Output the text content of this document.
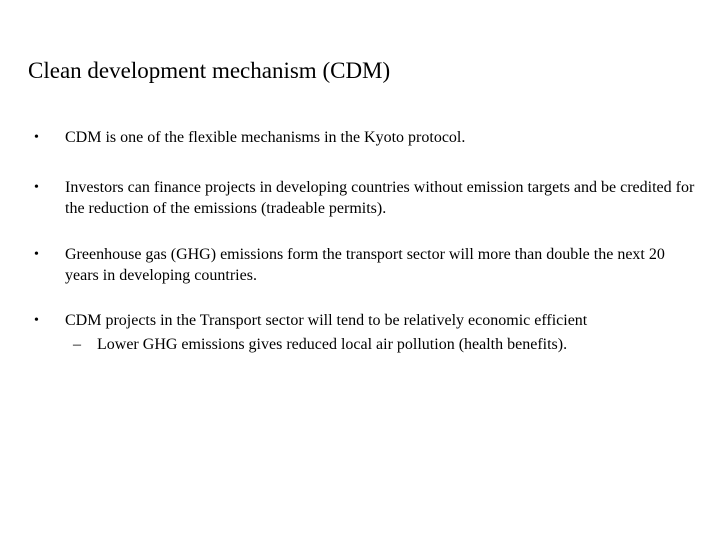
Clean development mechanism (CDM)
• CDM is one of the flexible mechanisms in the Kyoto protocol.
• Investors can finance projects in developing countries without emission targets and be credited for the reduction of the emissions (tradeable permits).
• Greenhouse gas (GHG) emissions form the transport sector will more than double the next 20 years in developing countries.
• CDM projects in the Transport sector will tend to be relatively economic efficient
– Lower GHG emissions gives reduced local air pollution (health benefits).
